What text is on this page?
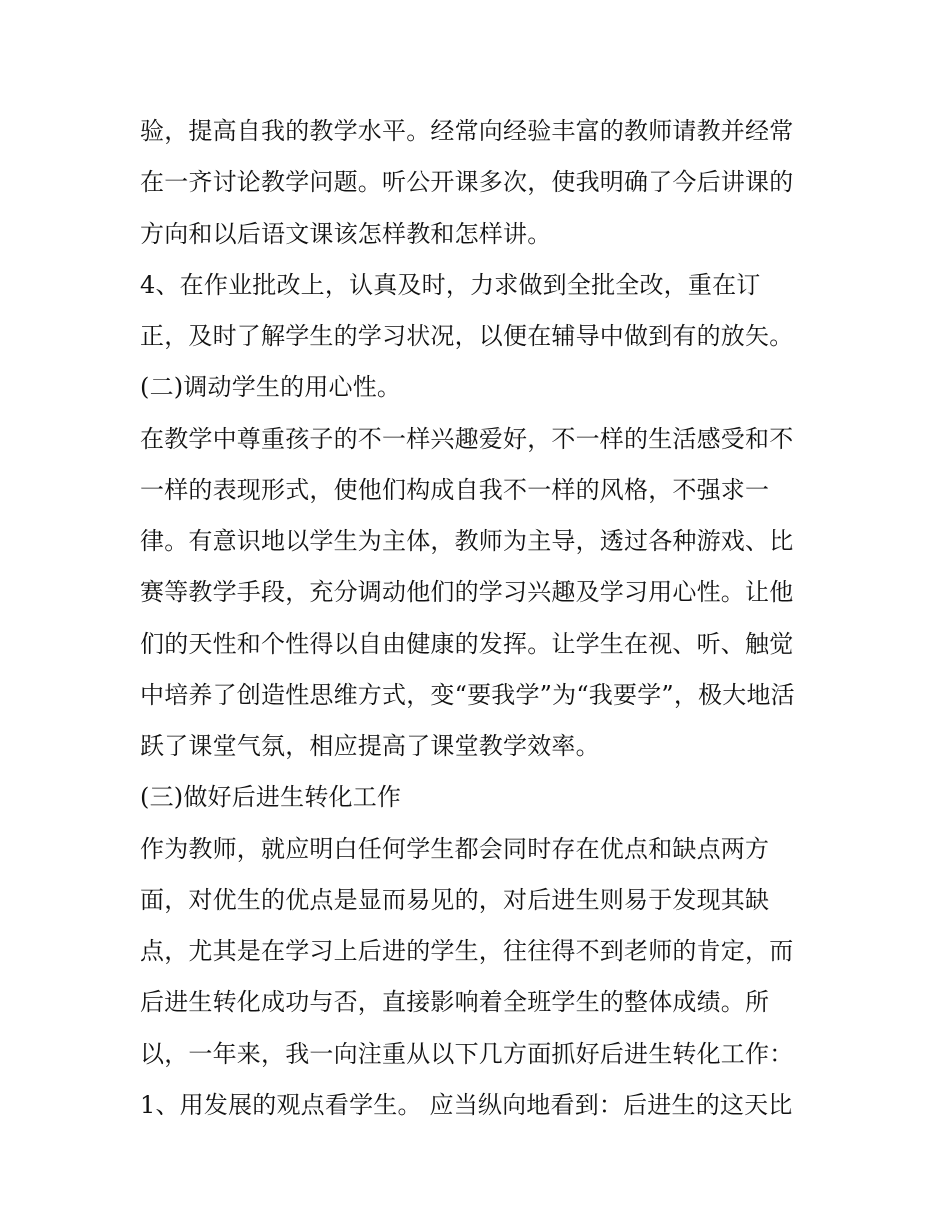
验，提高自我的教学水平。经常向经验丰富的教师请教并经常
在一齐讨论教学问题。听公开课多次，使我明确了今后讲课的
方向和以后语文课该怎样教和怎样讲。
4、在作业批改上，认真及时，力求做到全批全改，重在订
正，及时了解学生的学习状况，以便在辅导中做到有的放矢。
(二)调动学生的用心性。
在教学中尊重孩子的不一样兴趣爱好，不一样的生活感受和不
一样的表现形式，使他们构成自我不一样的风格，不强求一
律。有意识地以学生为主体，教师为主导，透过各种游戏、比
赛等教学手段，充分调动他们的学习兴趣及学习用心性。让他
们的天性和个性得以自由健康的发挥。让学生在视、听、触觉
中培养了创造性思维方式，变“要我学”为“我要学”，极大地活
跃了课堂气氛，相应提高了课堂教学效率。
(三)做好后进生转化工作
作为教师，就应明白任何学生都会同时存在优点和缺点两方
面，对优生的优点是显而易见的，对后进生则易于发现其缺
点，尤其是在学习上后进的学生，往往得不到老师的肯定，而
后进生转化成功与否，直接影响着全班学生的整体成绩。所
以，一年来，我一向注重从以下几方面抓好后进生转化工作：
1、用发展的观点看学生。 应当纵向地看到：后进生的这天比
